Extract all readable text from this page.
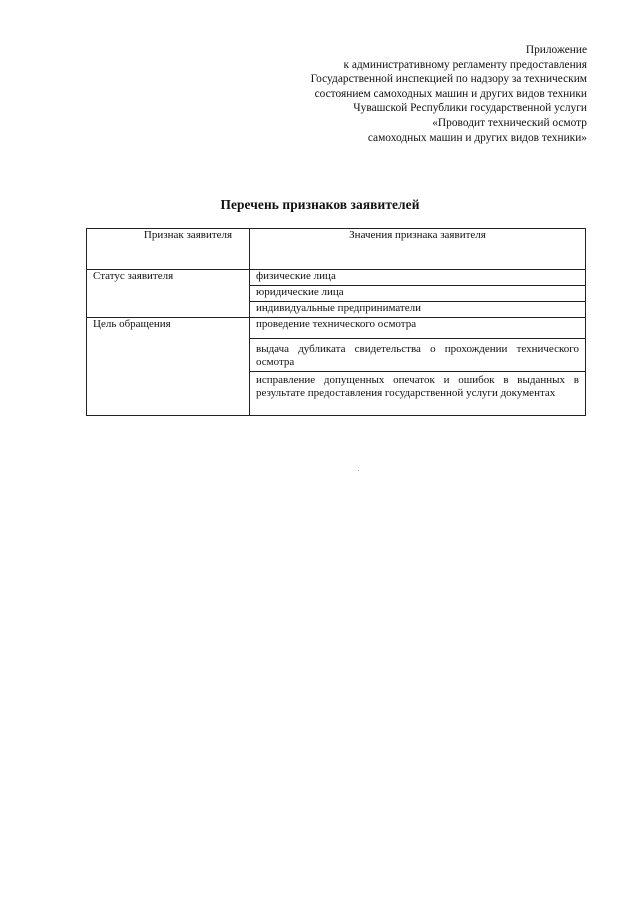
Приложение
к административному регламенту предоставления
Государственной инспекцией по надзору за техническим
состоянием самоходных машин и других видов техники
Чувашской Республики государственной услуги
«Проводит технический осмотр
самоходных машин и других видов техники»
Перечень признаков заявителей
Признак заявителя	Значения признака заявителя
Статус заявителя	физические лица
	юридические лица
	индивидуальные предприниматели
Цель обращения	проведение технического осмотра
	выдача дубликата свидетельства о прохождении технического осмотра
	исправление допущенных опечаток и ошибок в выданных в результате предоставления государственной услуги документах
